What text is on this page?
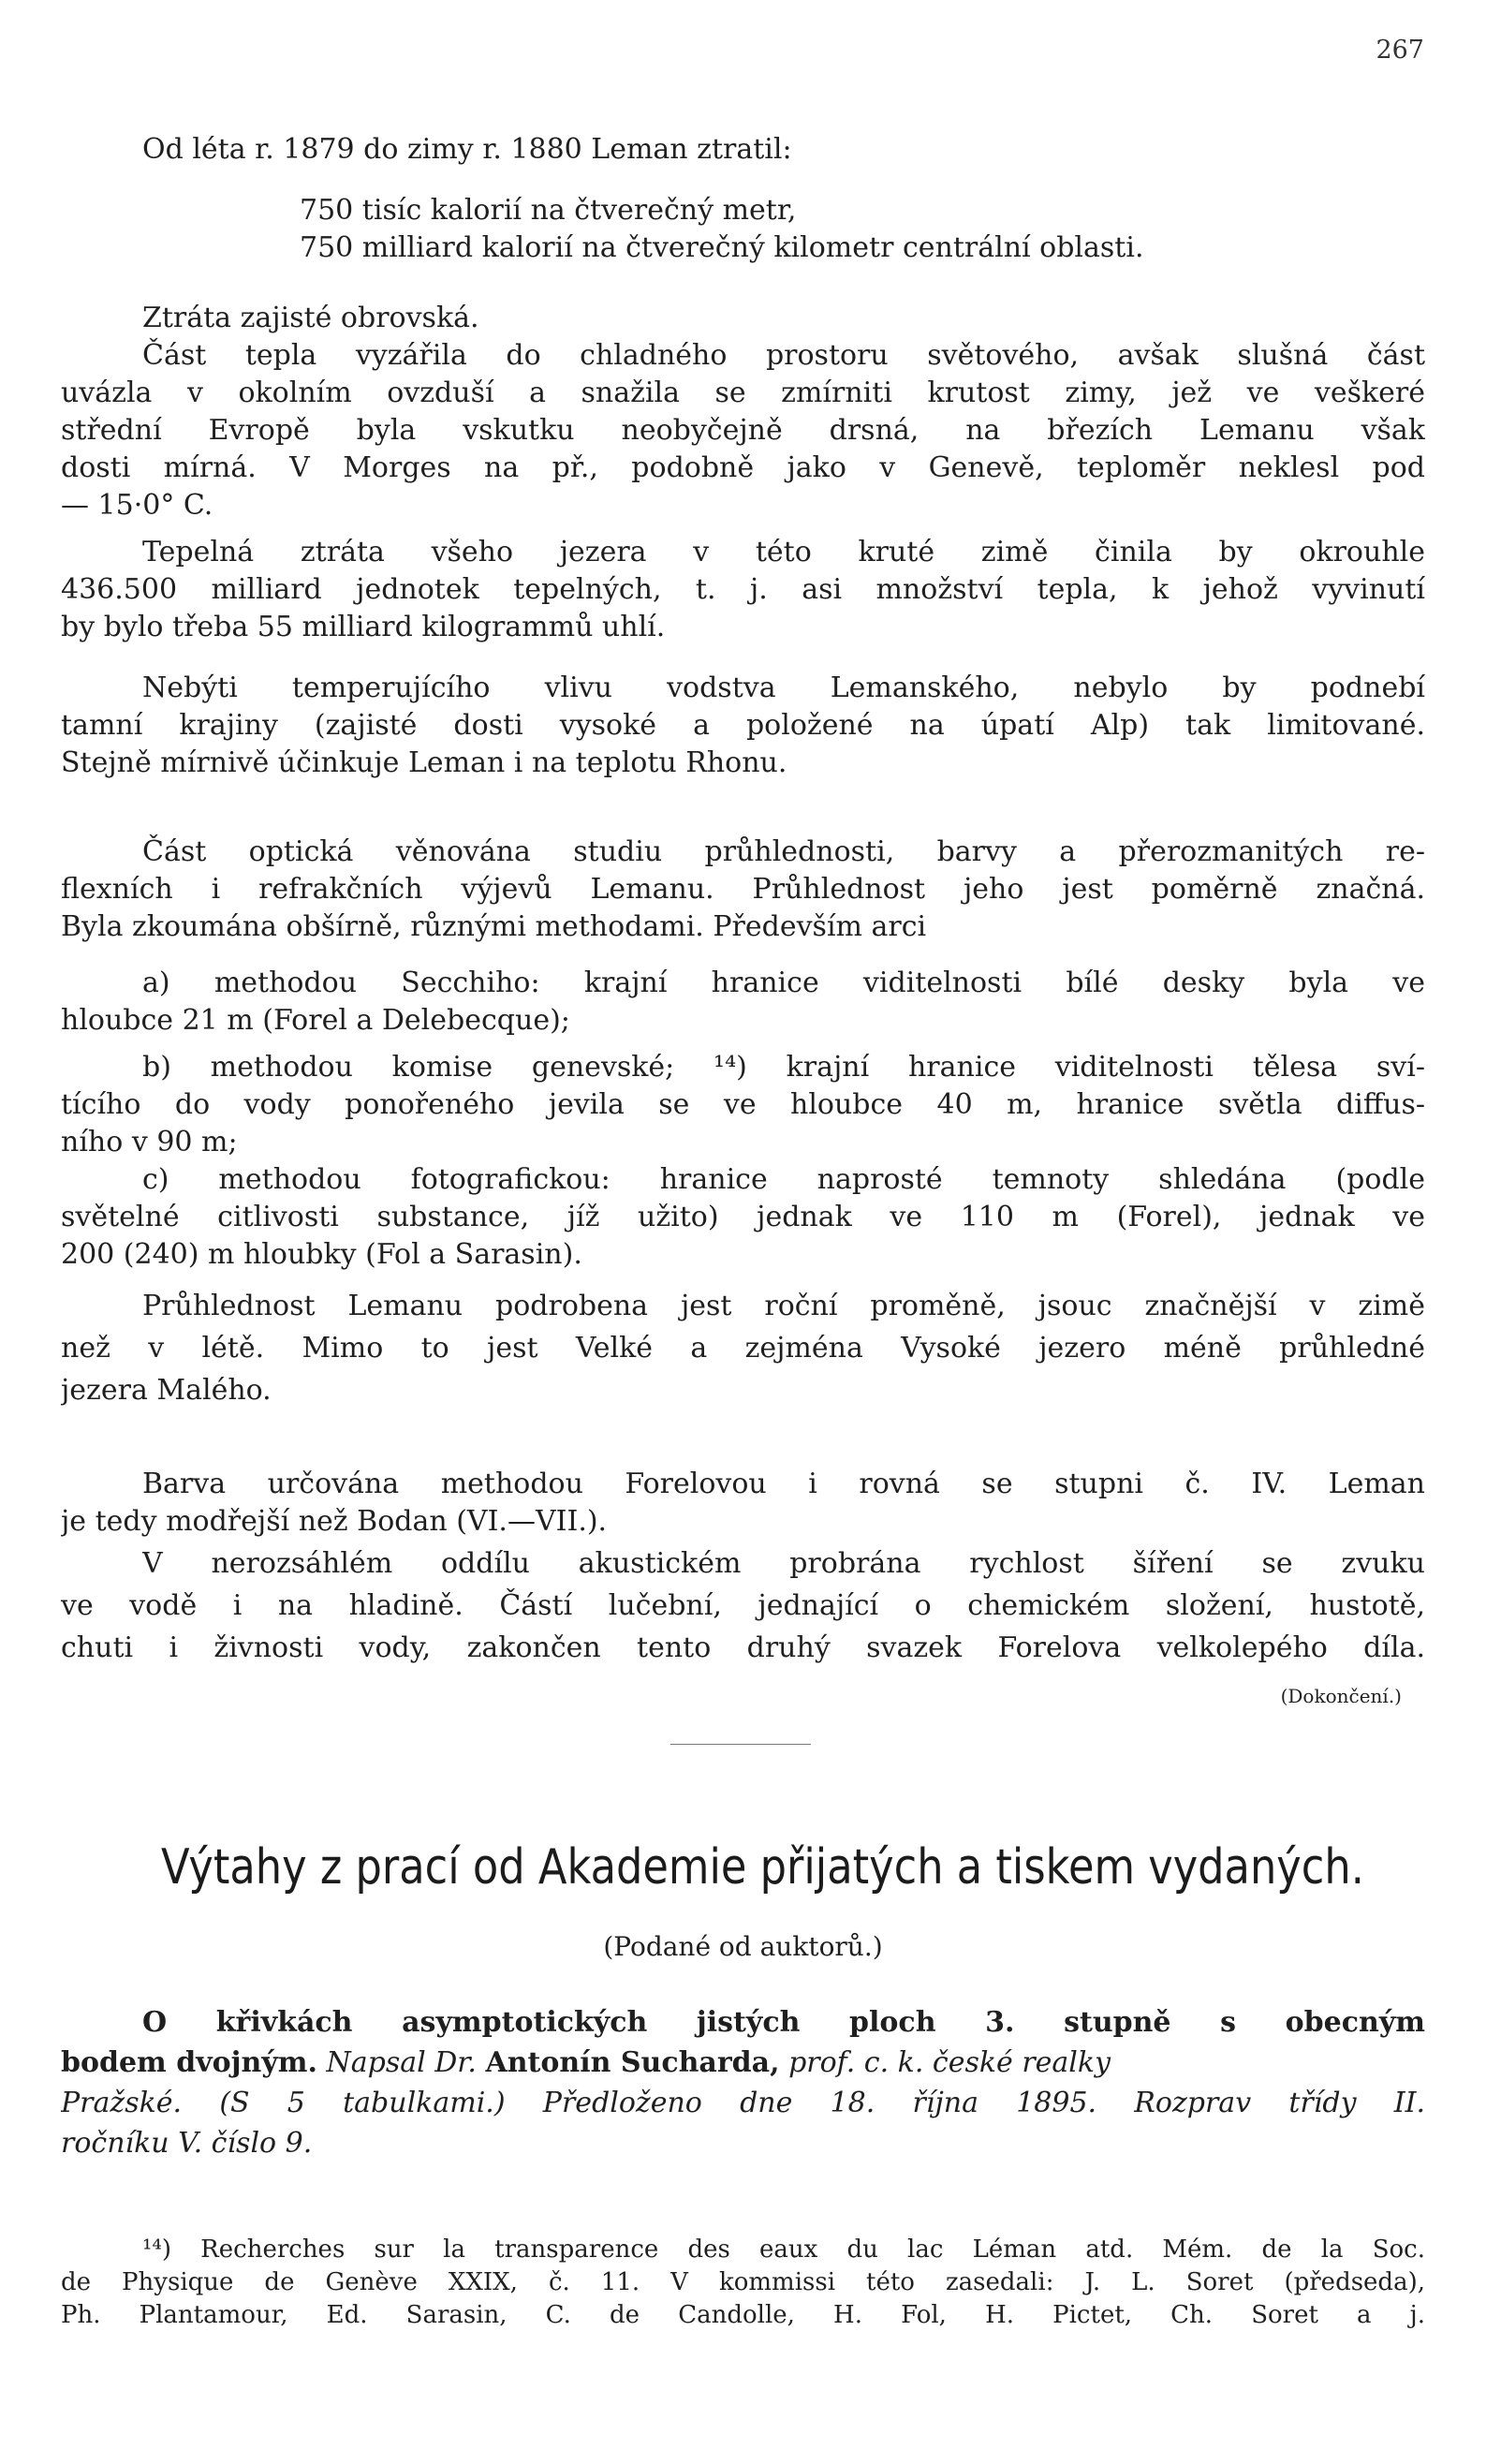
267
Od léta r. 1879 do zimy r. 1880 Leman ztratil:
750 tisíc kalorií na čtverečný metr,
750 milliard kalorií na čtverečný kilometr centrální oblasti.
Ztráta zajisté obrovská.
Část tepla vyzářila do chladného prostoru světového, avšak slušná část
uvázla v okolním ovzduší a snažila se zmírniti krutost zimy, jež ve veškeré
střední Evropě byla vskutku neobyčejně drsná, na březích Lemanu však
dosti mírná. V Morges na př., podobně jako v Genevě, teploměr neklesl pod
— 15·0° C.
Tepelná ztráta všeho jezera v této kruté zimě činila by okrouhle
436.500 milliard jednotek tepelných, t. j. asi množství tepla, k jehož vyvinutí
by bylo třeba 55 milliard kilogrammů uhlí.
Nebýti temperujícího vlivu vodstva Lemanského, nebylo by podnebí
tamní krajiny (zajisté dosti vysoké a položené na úpatí Alp) tak limitované.
Stejně mírnivě účinkuje Leman i na teplotu Rhonu.
Část optická věnována studiu průhlednosti, barvy a přerozmanitých re-
flexních i refrakčních výjevů Lemanu. Průhlednost jeho jest poměrně značná.
Byla zkoumána obšírně, různými methodami. Především arci
a) methodou Secchiho: krajní hranice viditelnosti bílé desky byla ve
hloubce 21 m (Forel a Delebecque);
b) methodou komise genevské; ¹⁴) krajní hranice viditelnosti tělesa sví-
tícího do vody ponořeného jevila se ve hloubce 40 m, hranice světla diffus-
ního v 90 m;
c) methodou fotografickou: hranice naprosté temnoty shledána (podle
světelné citlivosti substance, jíž užito) jednak ve 110 m (Forel), jednak ve
200 (240) m hloubky (Fol a Sarasin).
Průhlednost Lemanu podrobena jest roční proměně, jsouc značnější v zimě
než v létě. Mimo to jest Velké a zejména Vysoké jezero méně průhledné
jezera Malého.
Barva určována methodou Forelovou i rovná se stupni č. IV. Leman
je tedy modřejší než Bodan (VI.—VII.).
V nerozsáhlém oddílu akustickém probrána rychlost šíření se zvuku
ve vodě i na hladině. Částí lučební, jednající o chemickém složení, hustotě,
chuti i živnosti vody, zakončen tento druhý svazek Forelova velkolepého díla.
(Dokončení.)
Výtahy z prací od Akademie přijatých a tiskem vydaných.
(Podané od auktorů.)
O křivkách asymptotických jistých ploch 3. stupně s obecným
bodem dvojným. Napsal Dr. Antonín Sucharda, prof. c. k. české realky
Pražské. (S 5 tabulkami.) Předloženo dne 18. října 1895. Rozprav třídy II.
ročníku V. číslo 9.
¹⁴) Recherches sur la transparence des eaux du lac Léman atd. Mém. de la Soc.
de Physique de Genève XXIX, č. 11. V kommissi této zasedali: J. L. Soret (předseda),
Ph. Plantamour, Ed. Sarasin, C. de Candolle, H. Fol, H. Pictet, Ch. Soret a j.
